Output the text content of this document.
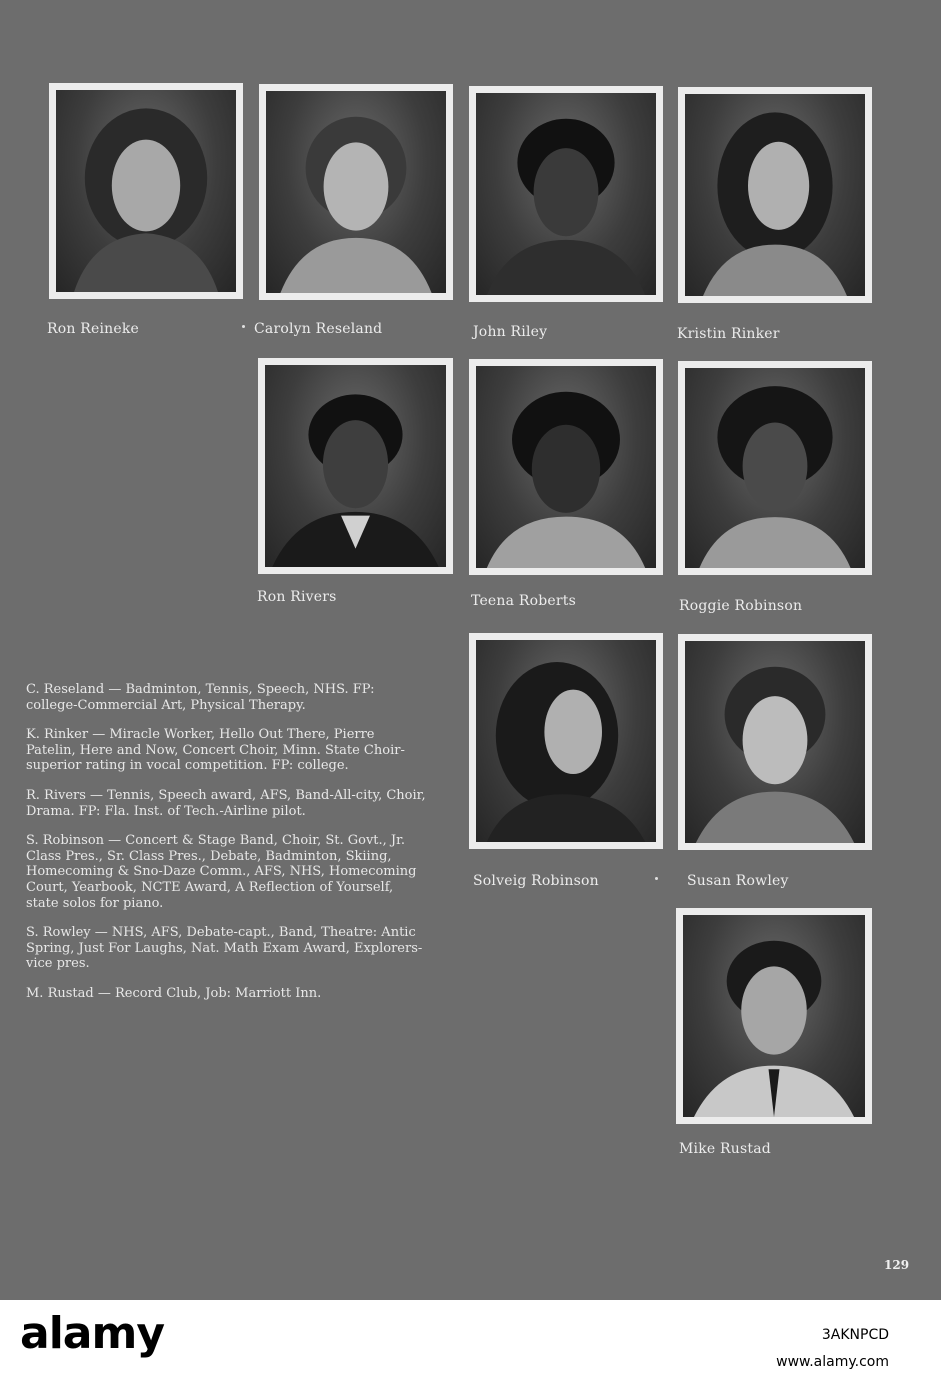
Ron Reineke	Carolyn Reseland	John Riley	Kristin Rinker
Ron Rivers	Teena Roberts	Roggie Robinson
Solveig Robinson	Susan Rowley
Mike Rustad

C. Reseland — Badminton, Tennis, Speech, NHS. FP: college-Commercial Art, Physical Therapy.

K. Rinker — Miracle Worker, Hello Out There, Pierre Patelin, Here and Now, Concert Choir, Minn. State Choir-superior rating in vocal competition. FP: college.

R. Rivers — Tennis, Speech award, AFS, Band-All-city, Choir, Drama. FP: Fla. Inst. of Tech.-Airline pilot.

S. Robinson — Concert & Stage Band, Choir, St. Govt., Jr. Class Pres., Sr. Class Pres., Debate, Badminton, Skiing, Homecoming & Sno-Daze Comm., AFS, NHS, Homecoming Court, Yearbook, NCTE Award, A Reflection of Yourself, state solos for piano.

S. Rowley — NHS, AFS, Debate-capt., Band, Theatre: Antic Spring, Just For Laughs, Nat. Math Exam Award, Explorers-vice pres.

M. Rustad — Record Club, Job: Marriott Inn.

129
alamy	3AKNPCD
www.alamy.com
